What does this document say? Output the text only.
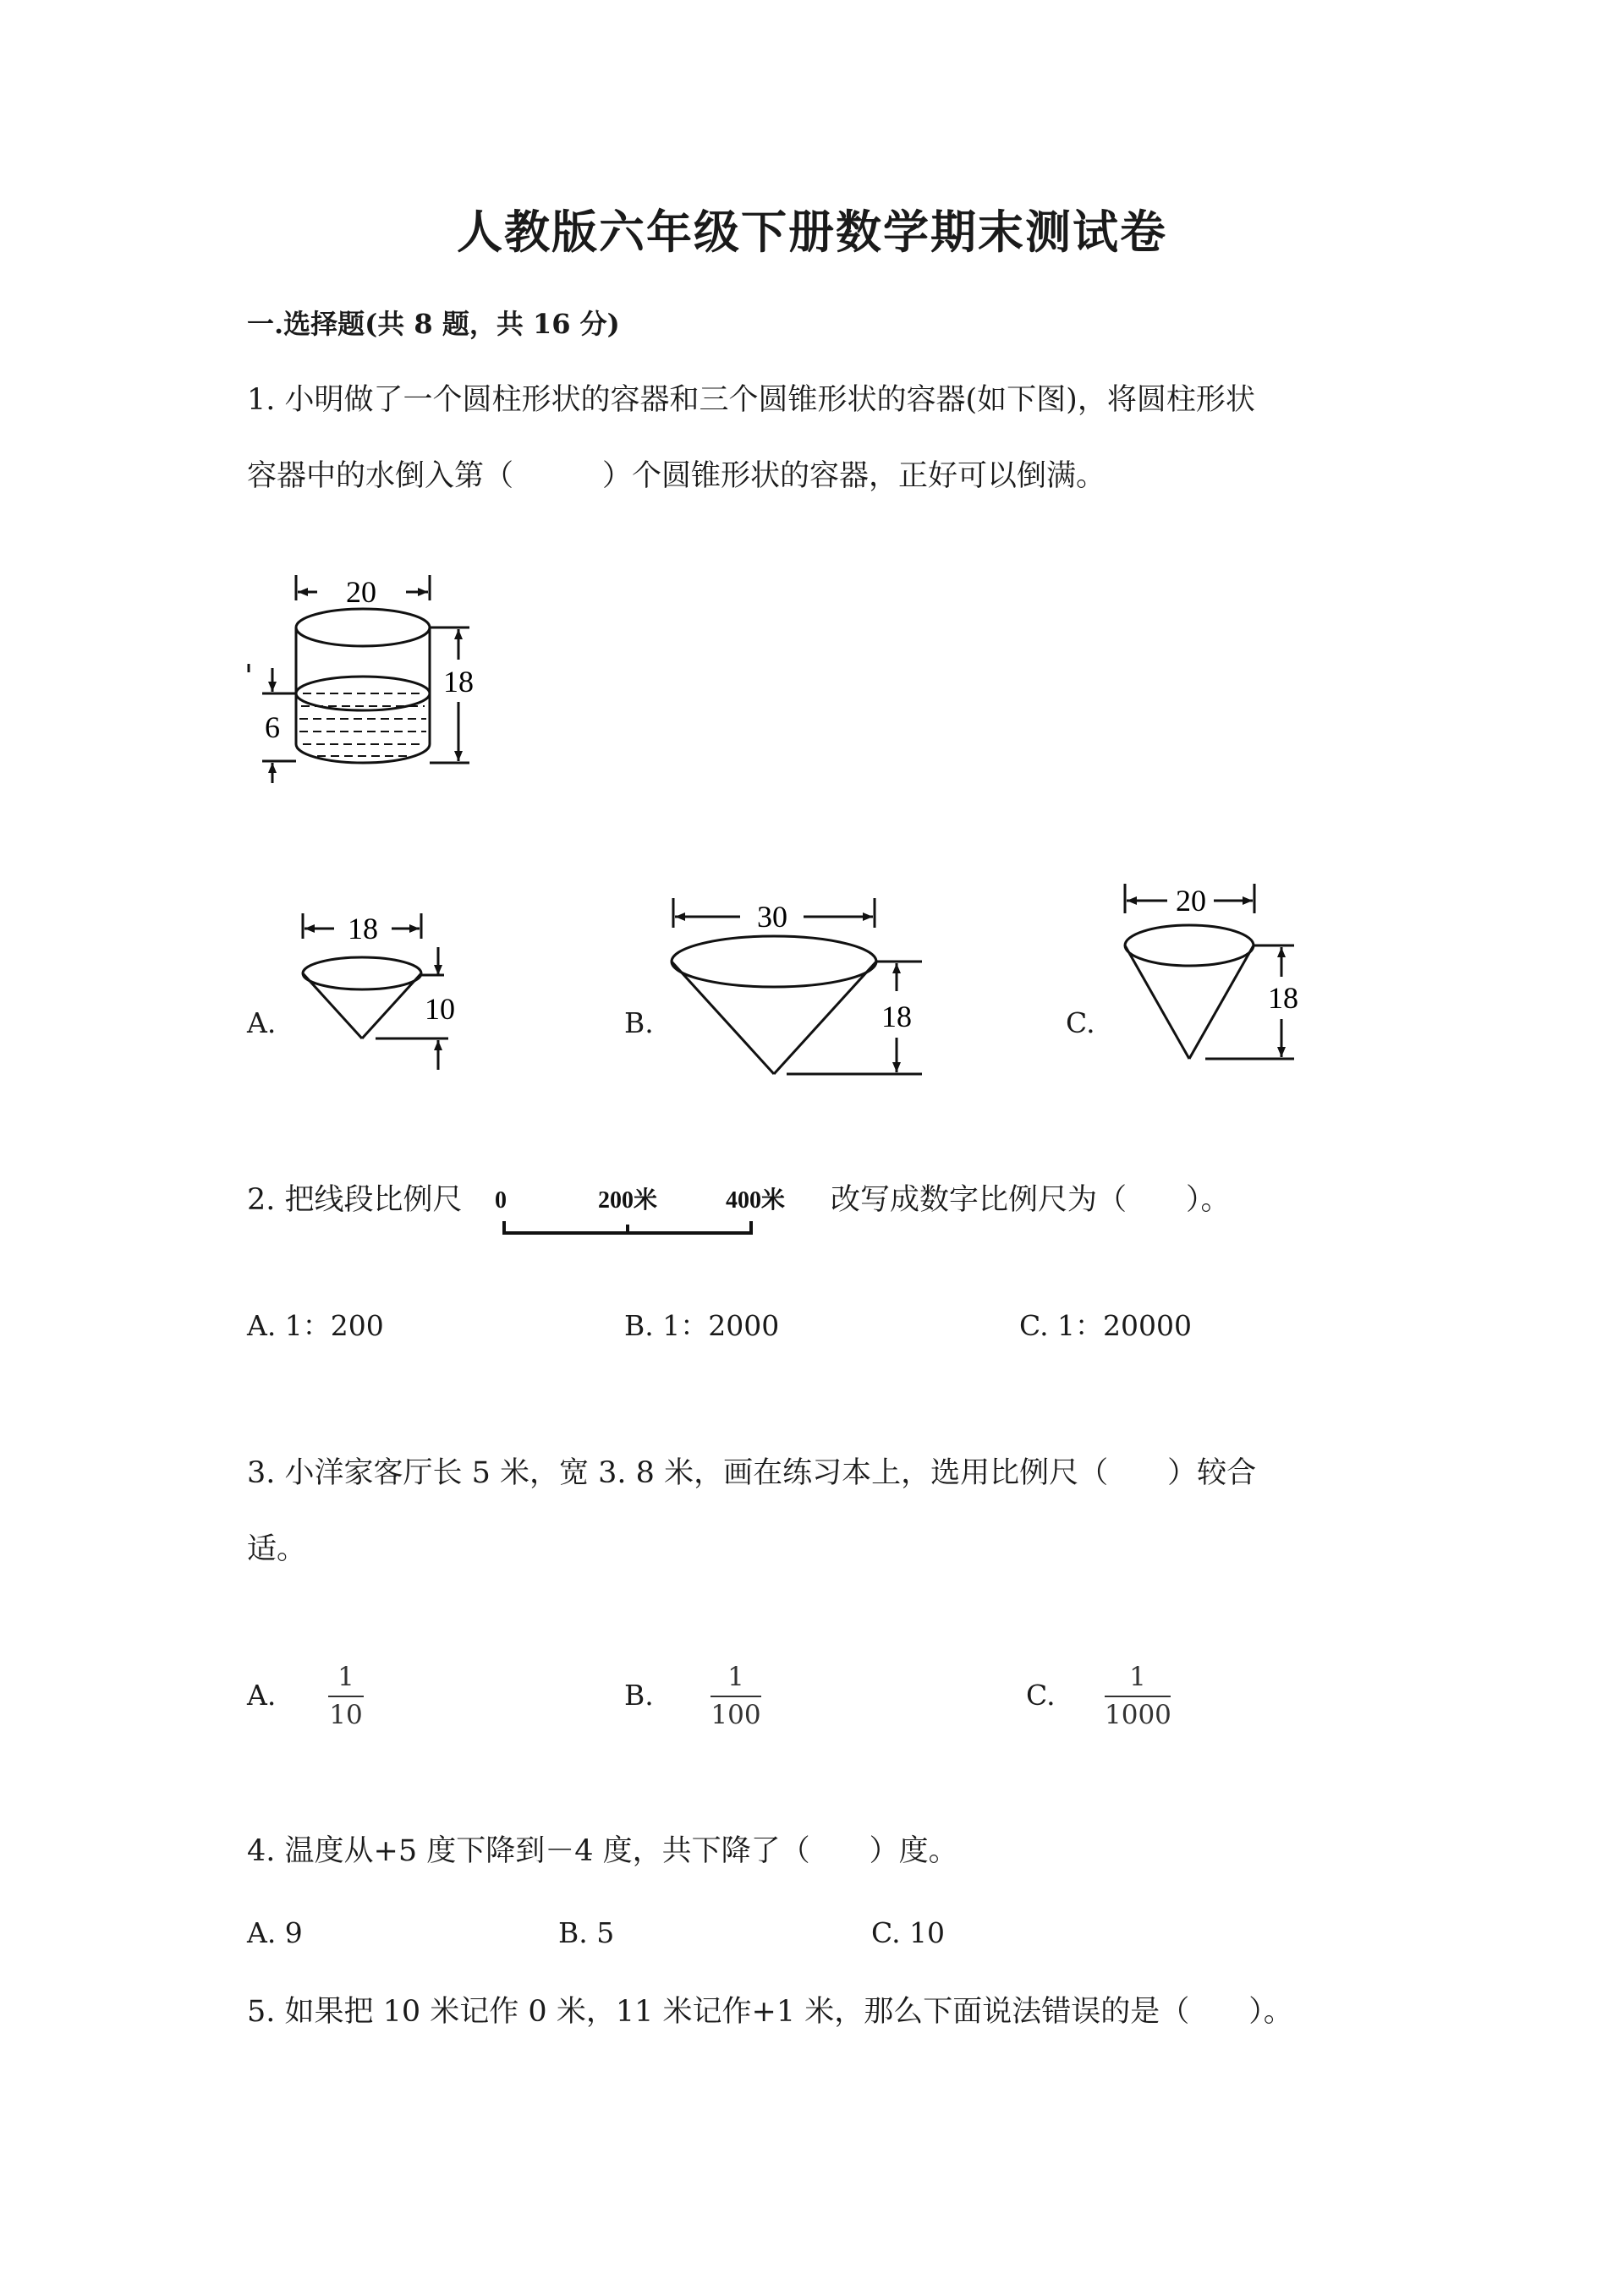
人教版六年级下册数学期末测试卷
一.选择题(共 8 题，共 16 分)
1. 小明做了一个圆柱形状的容器和三个圆锥形状的容器(如下图)，将圆柱形状
容器中的水倒入第（　　　）个圆锥形状的容器，正好可以倒满。
20
18
6
A.
18
10	B.
30
18	C.
20
18
2. 把线段比例尺 0	200米	400米 改写成数字比例尺为（　　）。
A. 1：200	B. 1：2000	C. 1：20000
3. 小洋家客厅长 5 米，宽 3. 8 米，画在练习本上，选用比例尺（　　）较合
适。
A.
1
10
B.
1
100
C.
1
1000
4. 温度从+5 度下降到－4 度，共下降了（　　）度。
A. 9	B. 5	C. 10
5. 如果把 10 米记作 0 米，11 米记作+1 米，那么下面说法错误的是（　　）。
